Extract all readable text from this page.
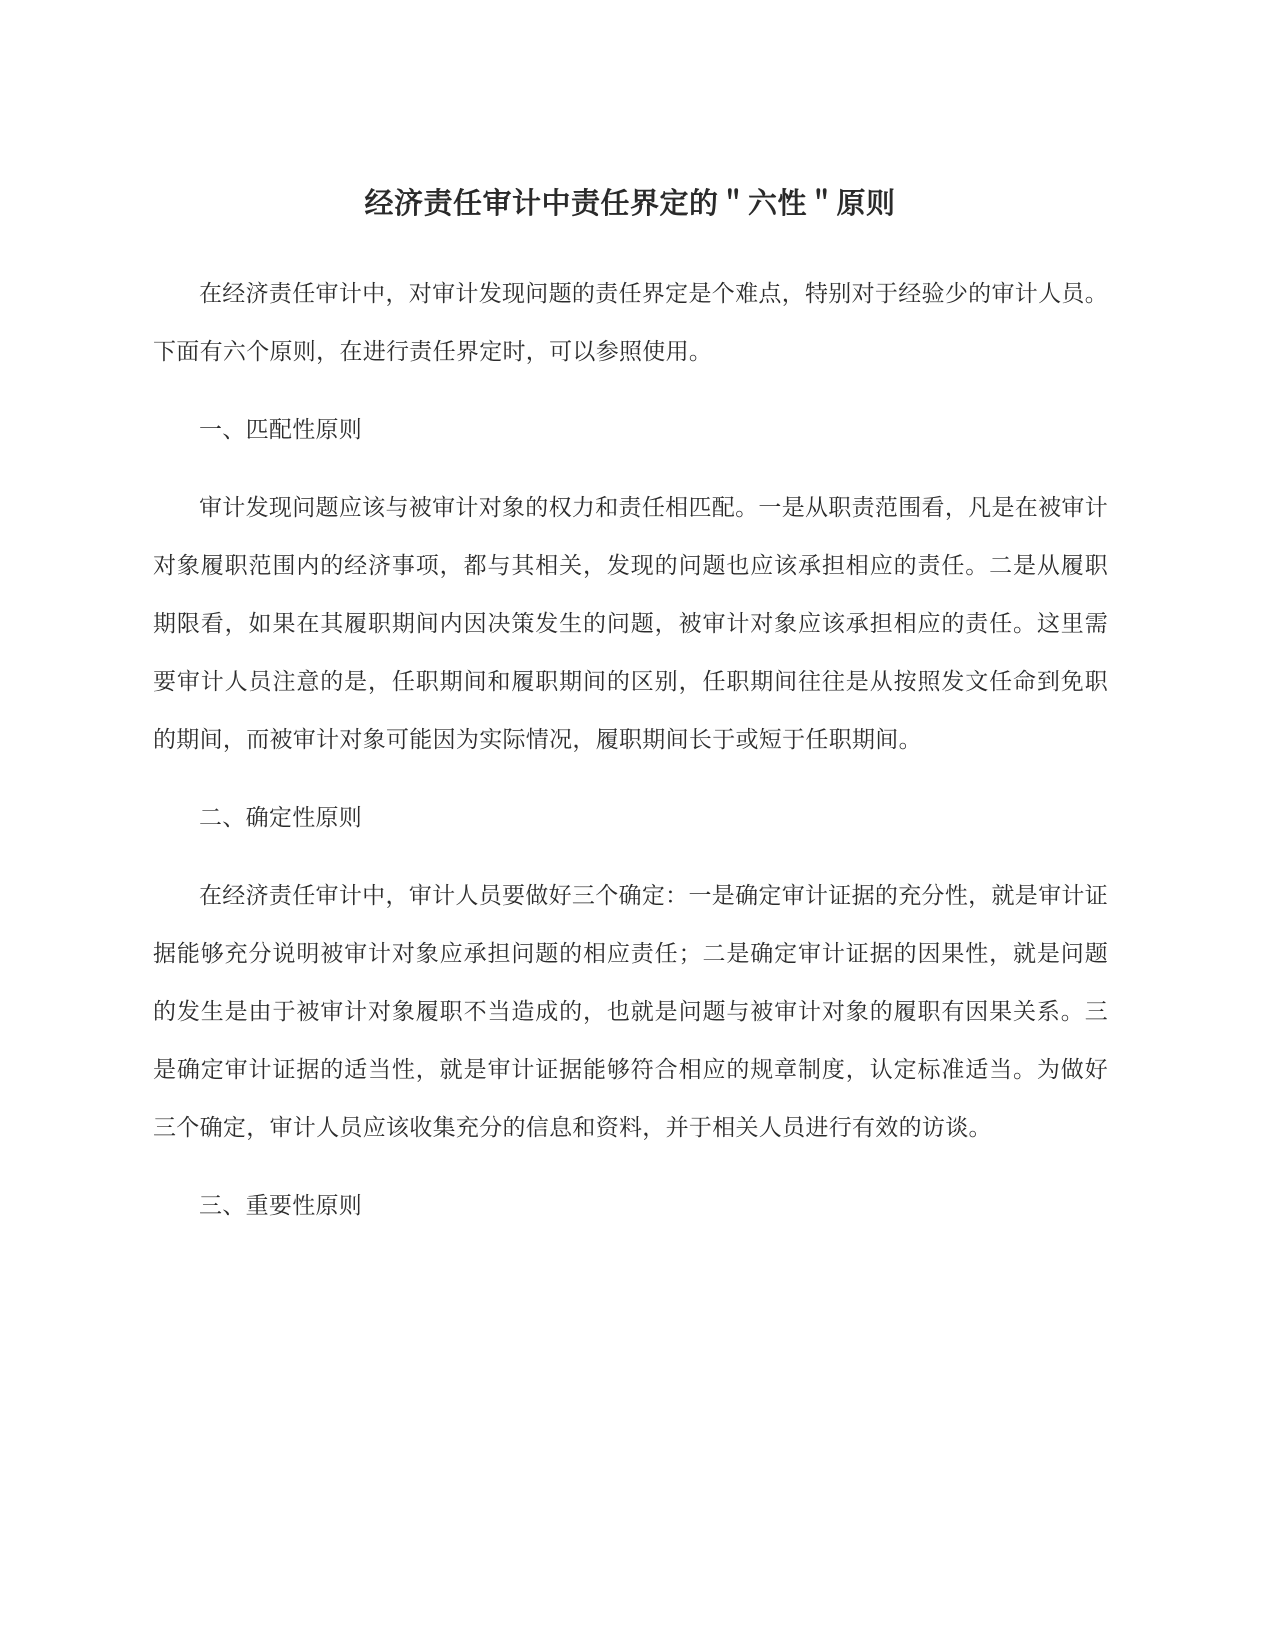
经济责任审计中责任界定的＂六性＂原则

在经济责任审计中，对审计发现问题的责任界定是个难点，特别对于经验少的审计人员。下面有六个原则，在进行责任界定时，可以参照使用。

一、匹配性原则

审计发现问题应该与被审计对象的权力和责任相匹配。一是从职责范围看，凡是在被审计对象履职范围内的经济事项，都与其相关，发现的问题也应该承担相应的责任。二是从履职期限看，如果在其履职期间内因决策发生的问题，被审计对象应该承担相应的责任。这里需要审计人员注意的是，任职期间和履职期间的区别，任职期间往往是从按照发文任命到免职的期间，而被审计对象可能因为实际情况，履职期间长于或短于任职期间。

二、确定性原则

在经济责任审计中，审计人员要做好三个确定：一是确定审计证据的充分性，就是审计证据能够充分说明被审计对象应承担问题的相应责任；二是确定审计证据的因果性，就是问题的发生是由于被审计对象履职不当造成的，也就是问题与被审计对象的履职有因果关系。三是确定审计证据的适当性，就是审计证据能够符合相应的规章制度，认定标准适当。为做好三个确定，审计人员应该收集充分的信息和资料，并于相关人员进行有效的访谈。

三、重要性原则
